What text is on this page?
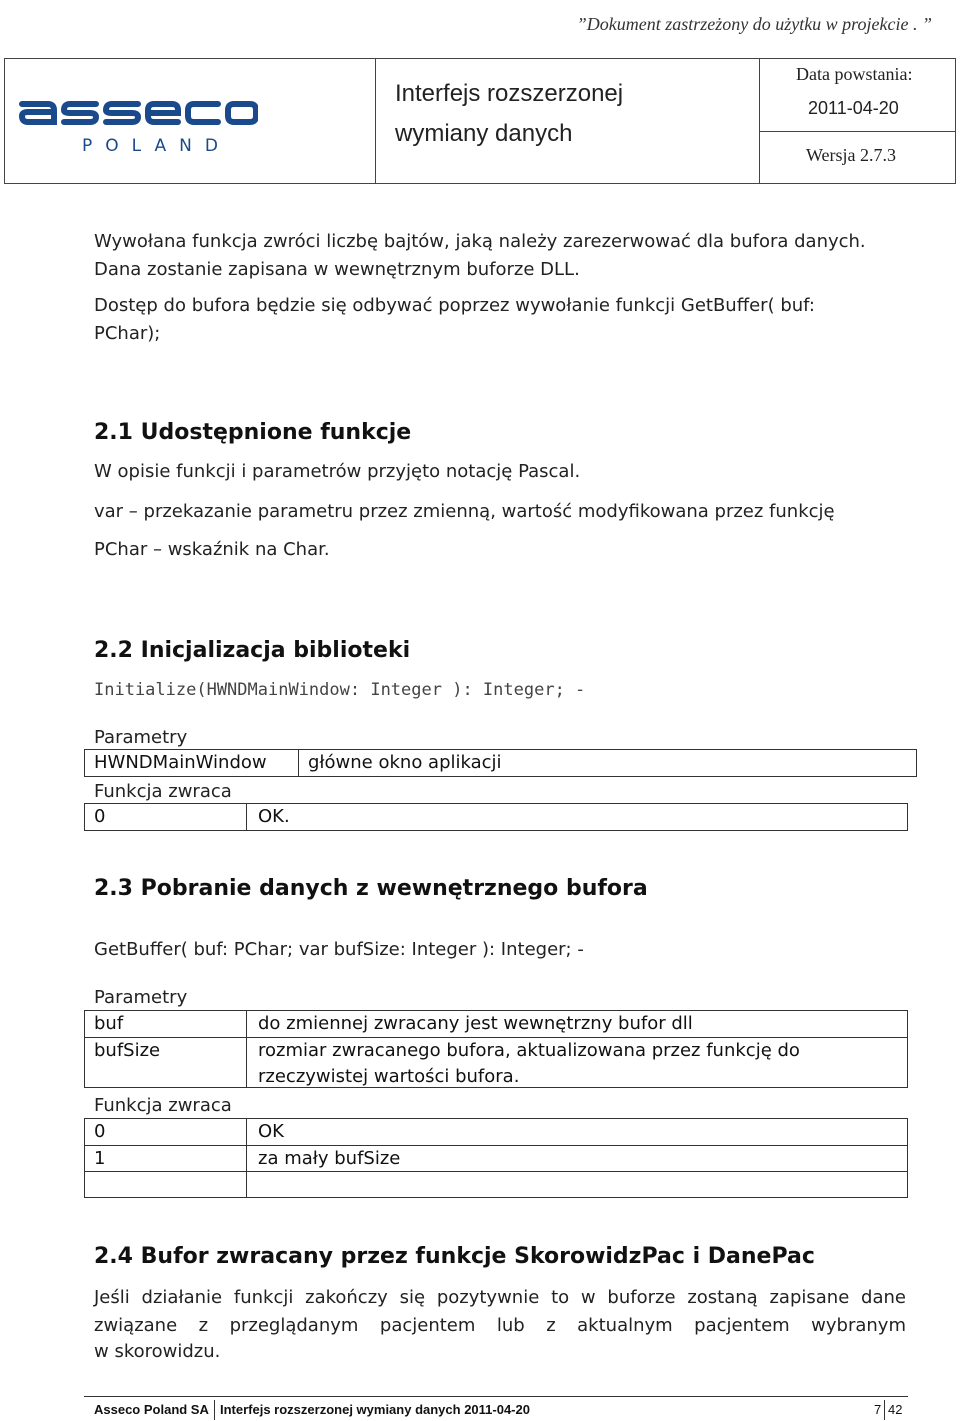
”Dokument zastrzeżony do użytku w projekcie . ”
POLAND
Interfejs rozszerzonej
wymiany danych
Data powstania:
2011-04-20
Wersja 2.7.3
Wywołana funkcja zwróci liczbę bajtów, jaką należy zarezerwować dla bufora danych.
Dana zostanie zapisana w wewnętrznym buforze DLL.
Dostęp do bufora będzie się odbywać poprzez wywołanie funkcji GetBuffer( buf:
PChar);
2.1 Udostępnione funkcje
W opisie funkcji i parametrów przyjęto notację Pascal.
var – przekazanie parametru przez zmienną, wartość modyfikowana przez funkcję
PChar – wskaźnik na Char.
2.2 Inicjalizacja biblioteki
Initialize(HWNDMainWindow: Integer ): Integer; -
Parametry
HWNDMainWindow główne okno aplikacji
Funkcja zwraca
0	OK.
2.3 Pobranie danych z wewnętrznego bufora
GetBuffer( buf: PChar; var bufSize: Integer ): Integer; -
Parametry
buf	do zmiennej zwracany jest wewnętrzny bufor dll
bufSize	rozmiar zwracanego bufora, aktualizowana przez funkcję do
rzeczywistej wartości bufora.
Funkcja zwraca
0	OK
1	za mały bufSize
2.4 Bufor zwracany przez funkcje SkorowidzPac i DanePac
Jeśli działanie funkcji zakończy się pozytywnie to w buforze zostaną zapisane dane
związane z przeglądanym pacjentem lub z aktualnym pacjentem wybranym
w skorowidzu.
Asseco Poland SA Interfejs rozszerzonej wymiany danych 2011-04-20	7 42
